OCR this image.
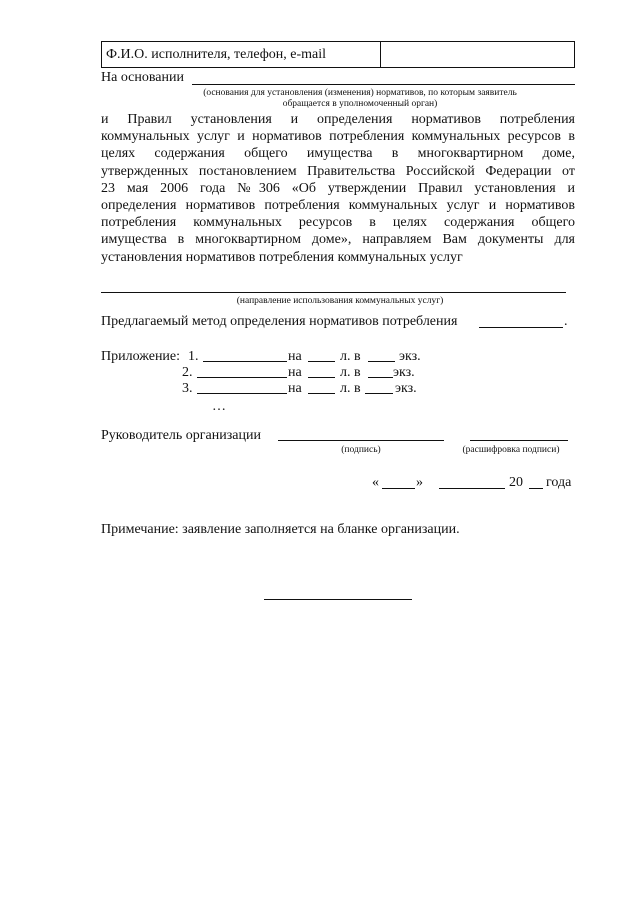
Ф.И.О. исполнителя, телефон, e-mail	
На основании
(основания для установления (изменения) нормативов, по которым заявитель
обращается в уполномоченный орган)
и Правил установления и определения нормативов потребления
коммунальных услуг и нормативов потребления коммунальных ресурсов в
целях содержания общего имущества в многоквартирном доме,
утвержденных постановлением Правительства Российской Федерации от
23 мая 2006 года №306 «Об утверждении Правил установления и
определения нормативов потребления коммунальных услуг и нормативов
потребления коммунальных ресурсов в целях содержания общего
имущества в многоквартирном доме», направляем Вам документы для
установления нормативов потребления коммунальных услуг
(направление использования коммунальных услуг)
Предлагаемый метод определения нормативов потребления	.
Приложение: 1.	на	л. в	экз.
2.	на	л. в экз.
3.	на	л. в экз.
…
Руководитель организации
(подпись)	(расшифровка подписи)
«	»	20 года
Примечание: заявление заполняется на бланке организации.
